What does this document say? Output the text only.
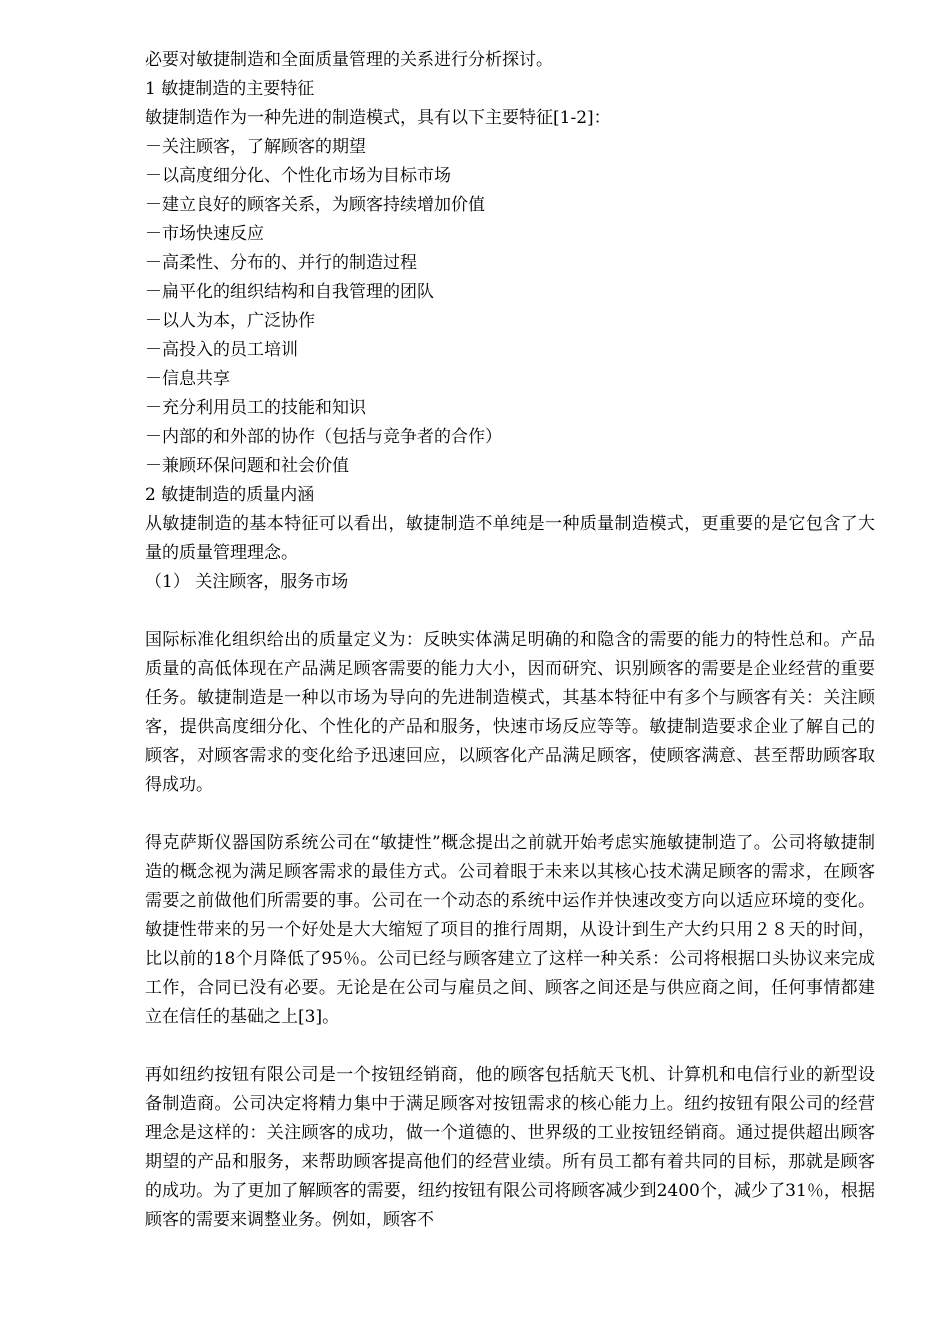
必要对敏捷制造和全面质量管理的关系进行分析探讨。
1 敏捷制造的主要特征
敏捷制造作为一种先进的制造模式，具有以下主要特征[1-2]：
－关注顾客，了解顾客的期望
－以高度细分化、个性化市场为目标市场
－建立良好的顾客关系，为顾客持续增加价值
－市场快速反应
－高柔性、分布的、并行的制造过程
－扁平化的组织结构和自我管理的团队
－以人为本，广泛协作
－高投入的员工培训
－信息共享
－充分利用员工的技能和知识
－内部的和外部的协作（包括与竞争者的合作）
－兼顾环保问题和社会价值
2 敏捷制造的质量内涵
从敏捷制造的基本特征可以看出，敏捷制造不单纯是一种质量制造模式，更重要的是它包含了大量的质量管理理念。
（1） 关注顾客，服务市场
国际标准化组织给出的质量定义为：反映实体满足明确的和隐含的需要的能力的特性总和。产品质量的高低体现在产品满足顾客需要的能力大小，因而研究、识别顾客的需要是企业经营的重要任务。敏捷制造是一种以市场为导向的先进制造模式，其基本特征中有多个与顾客有关：关注顾客，提供高度细分化、个性化的产品和服务，快速市场反应等等。敏捷制造要求企业了解自己的顾客，对顾客需求的变化给予迅速回应，以顾客化产品满足顾客，使顾客满意、甚至帮助顾客取得成功。
得克萨斯仪器国防系统公司在“敏捷性”概念提出之前就开始考虑实施敏捷制造了。公司将敏捷制造的概念视为满足顾客需求的最佳方式。公司着眼于未来以其核心技术满足顾客的需求，在顾客需要之前做他们所需要的事。公司在一个动态的系统中运作并快速改变方向以适应环境的变化。敏捷性带来的另一个好处是大大缩短了项目的推行周期，从设计到生产大约只用２８天的时间，比以前的18个月降低了95％。公司已经与顾客建立了这样一种关系：公司将根据口头协议来完成工作，合同已没有必要。无论是在公司与雇员之间、顾客之间还是与供应商之间，任何事情都建立在信任的基础之上[3]。
再如纽约按钮有限公司是一个按钮经销商，他的顾客包括航天飞机、计算机和电信行业的新型设备制造商。公司决定将精力集中于满足顾客对按钮需求的核心能力上。纽约按钮有限公司的经营理念是这样的：关注顾客的成功，做一个道德的、世界级的工业按钮经销商。通过提供超出顾客期望的产品和服务，来帮助顾客提高他们的经营业绩。所有员工都有着共同的目标，那就是顾客的成功。为了更加了解顾客的需要，纽约按钮有限公司将顾客减少到2400个，减少了31％，根据顾客的需要来调整业务。例如，顾客不
